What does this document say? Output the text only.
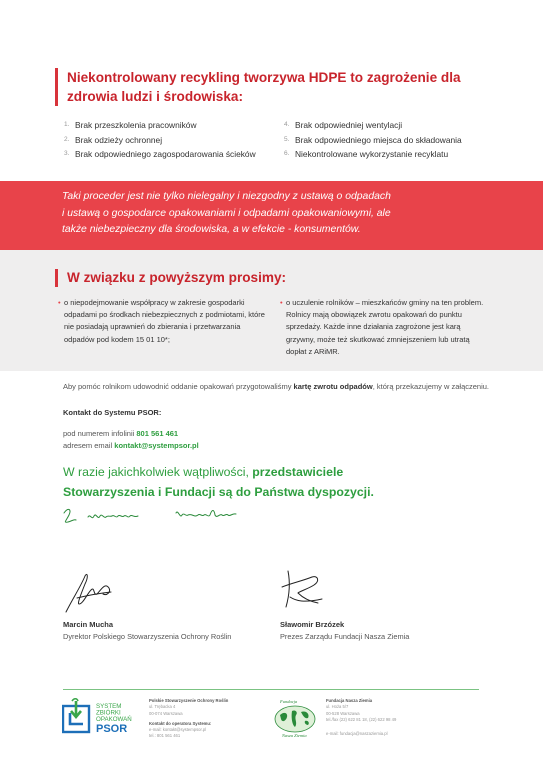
Niekontrolowany recykling tworzywa HDPE to zagrożenie dla
zdrowia ludzi i środowiska:
1. Brak przeszkolenia pracowników
2. Brak odzieży ochronnej
3. Brak odpowiedniego zagospodarowania ścieków
4. Brak odpowiedniej wentylacji
5. Brak odpowiedniego miejsca do składowania
6. Niekontrolowane wykorzystanie recyklatu

Taki proceder jest nie tylko nielegalny i niezgodny z ustawą o odpadach
i ustawą o gospodarce opakowaniami i odpadami opakowaniowymi, ale
także niebezpieczny dla środowiska, a w efekcie - konsumentów.

W związku z powyższym prosimy:
• o niepodejmowanie współpracy w zakresie gospodarki odpadami po środkach niebezpiecznych z podmiotami, które nie posiadają uprawnień do zbierania i przetwarzania odpadów pod kodem 15 01 10*;
• o uczulenie rolników – mieszkańców gminy na ten problem. Rolnicy mają obowiązek zwrotu opakowań do punktu sprzedaży. Każde inne działania zagrożone jest karą grzywny, może też skutkować zmniejszeniem lub utratą dopłat z ARiMR.
Aby pomóc rolnikom udowodnić oddanie opakowań przygotowaliśmy kartę zwrotu odpadów, którą przekazujemy w załączeniu.
Kontakt do Systemu PSOR:
pod numerem infolinii 801 561 461
adresem email kontakt@systempsor.pl
W razie jakichkolwiek wątpliwości, przedstawiciele
Stowarzyszenia i Fundacji są do Państwa dyspozycji.
Marcin Mucha
Dyrektor Polskiego Stowarzyszenia Ochrony Roślin
Sławomir Brzózek
Prezes Zarządu Fundacji Nasza Ziemia
SYSTEM
ZBIÓRKI
OPAKOWAŃ
PSOR
Polskie Stowarzyszenie Ochrony Roślin
ul. Trębacka 4
00-074 Warszawa
Kontakt do operatora Systemu:
e-mail: kontakt@systempsor.pl
tel.: 801 561 461
Fundacja
Nasza Ziemia
Fundacja Nasza Ziemia
ul. Hoża 5/7
00-528 Warszawa
tel./fax (22) 622 81 18, (22) 622 98 49
e-mail: fundacja@naszaziemia.pl
